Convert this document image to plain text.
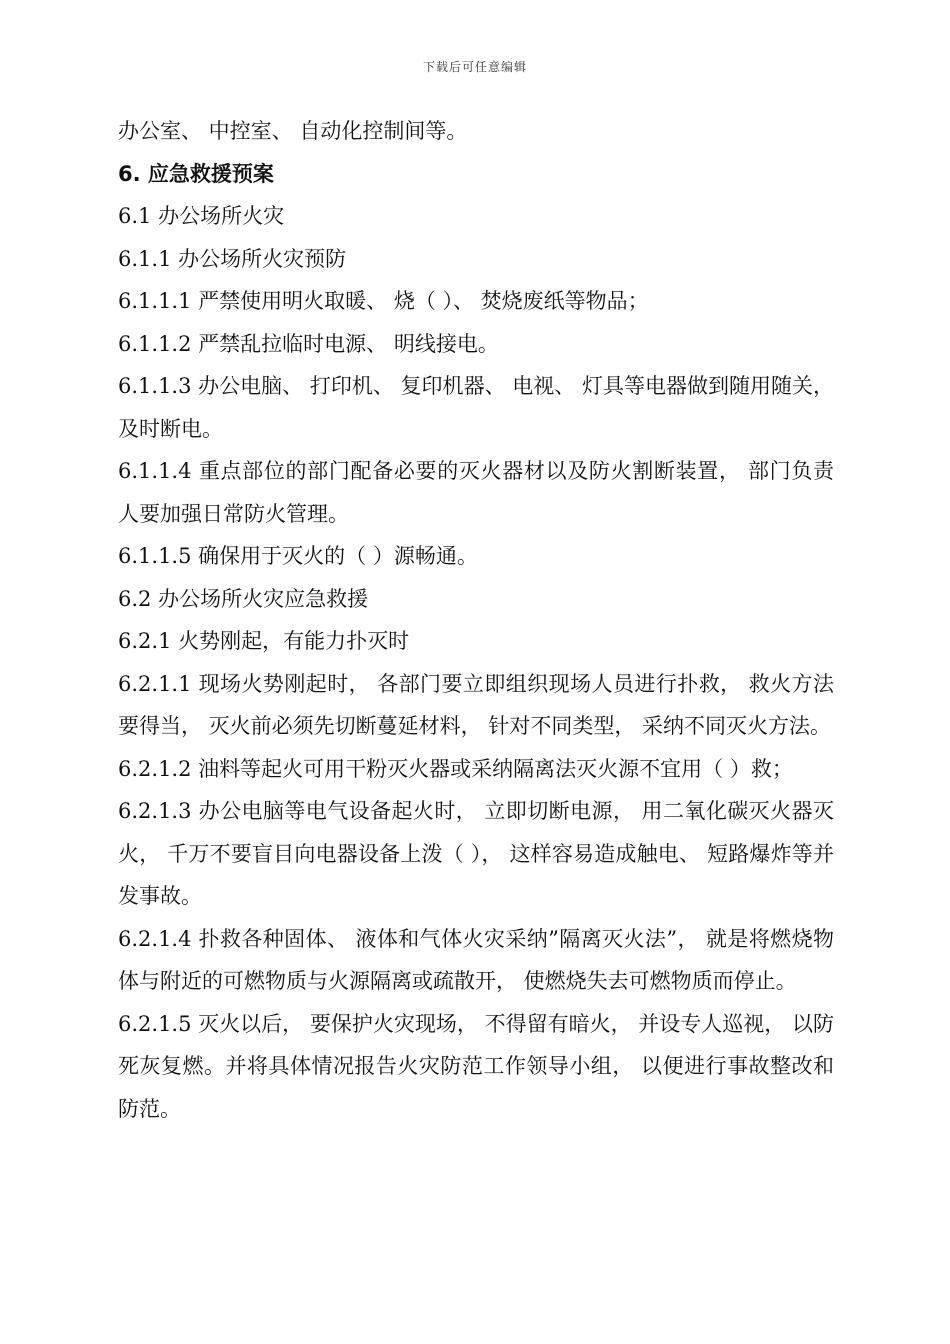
下载后可任意编辑

办公室、 中控室、 自动化控制间等。

6. 应急救援预案

6.1 办公场所火灾

6.1.1 办公场所火灾预防

6.1.1.1 严禁使用明火取暖、 烧（ ）、 焚烧废纸等物品；

6.1.1.2 严禁乱拉临时电源、 明线接电。

6.1.1.3 办公电脑、 打印机、 复印机器、 电视、 灯具等电器做到随用随关， 及时断电。

6.1.1.4 重点部位的部门配备必要的灭火器材以及防火割断装置， 部门负责人要加强日常防火管理。

6.1.1.5 确保用于灭火的（ ）源畅通。

6.2 办公场所火灾应急救援

6.2.1 火势刚起，有能力扑灭时

6.2.1.1 现场火势刚起时， 各部门要立即组织现场人员进行扑救， 救火方法要得当， 灭火前必须先切断蔓延材料， 针对不同类型， 采纳不同灭火方法。

6.2.1.2 油料等起火可用干粉灭火器或采纳隔离法灭火源不宜用（ ）救；

6.2.1.3 办公电脑等电气设备起火时， 立即切断电源， 用二氧化碳灭火器灭火， 千万不要盲目向电器设备上泼（ ）， 这样容易造成触电、 短路爆炸等并发事故。

6.2.1.4 扑救各种固体、 液体和气体火灾采纳”隔离灭火法”， 就是将燃烧物体与附近的可燃物质与火源隔离或疏散开， 使燃烧失去可燃物质而停止。

6.2.1.5 灭火以后， 要保护火灾现场， 不得留有暗火， 并设专人巡视， 以防死灰复燃。并将具体情况报告火灾防范工作领导小组， 以便进行事故整改和防范。
